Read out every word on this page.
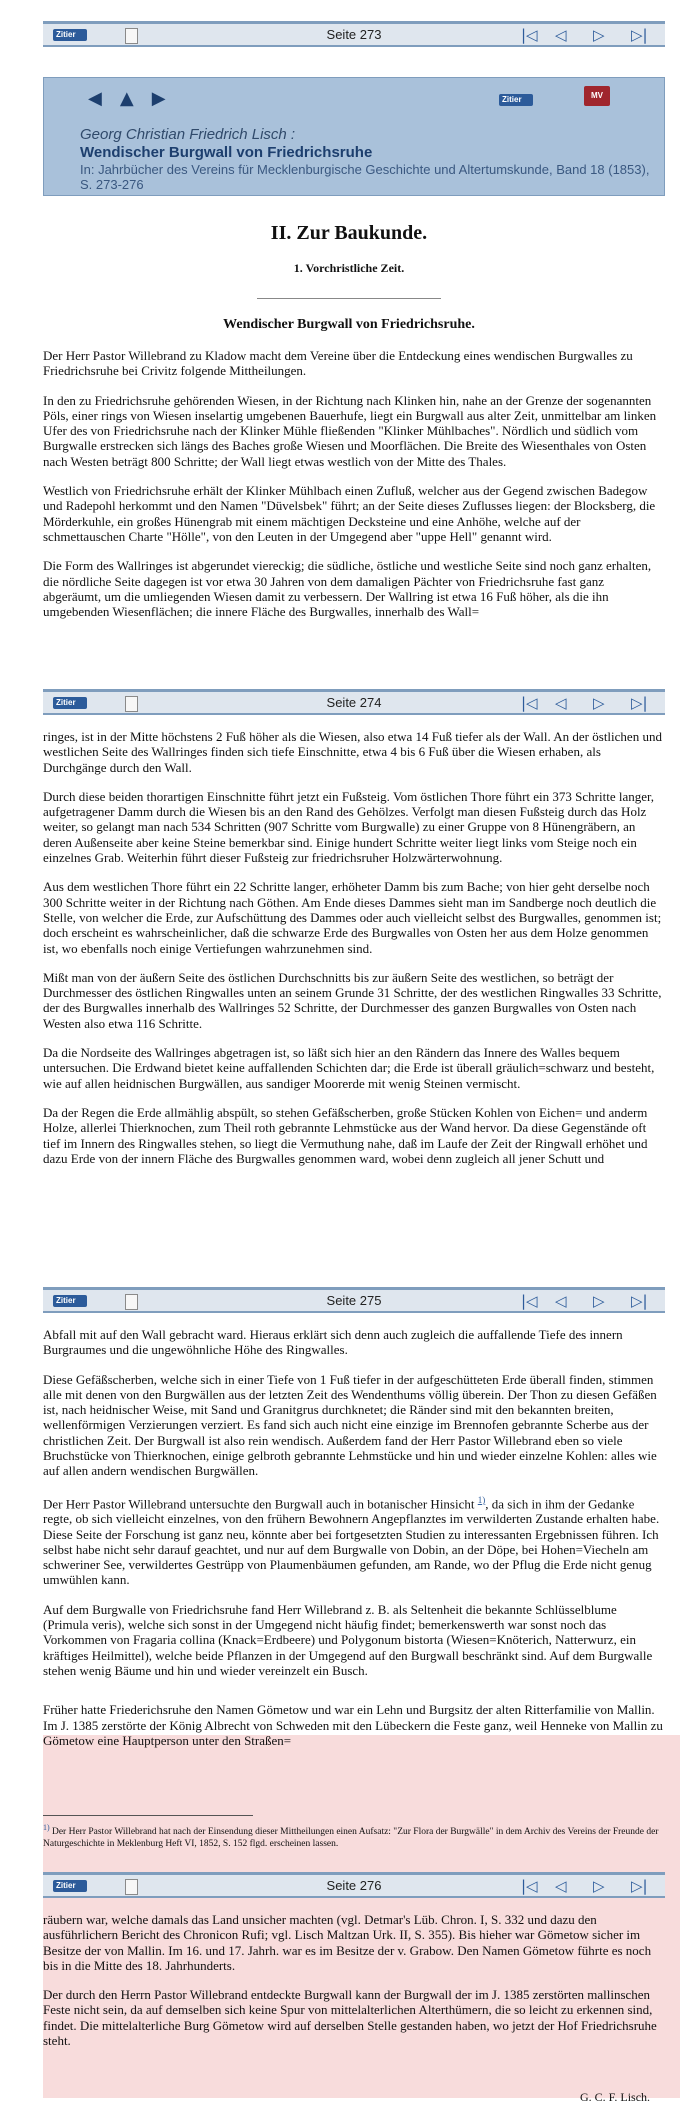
Zitier	Seite 273	|◁ ◁ ▷ ▷|
◀ ▲ ▶	Zitier	MV
Georg Christian Friedrich Lisch :
Wendischer Burgwall von Friedrichsruhe
In: Jahrbücher des Vereins für Mecklenburgische Geschichte und Altertumskunde, Band 18 (1853), S. 273-276
II. Zur Baukunde.
1. Vorchristliche Zeit.
Wendischer Burgwall von Friedrichsruhe.

Der Herr Pastor Willebrand zu Kladow macht dem Vereine über die Entdeckung eines wendischen Burgwalles zu Friedrichsruhe bei Crivitz folgende Mittheilungen.

In den zu Friedrichsruhe gehörenden Wiesen, in der Richtung nach Klinken hin, nahe an der Grenze der sogenannten Pöls, einer rings von Wiesen inselartig umgebenen Bauerhufe, liegt ein Burgwall aus alter Zeit, unmittelbar am linken Ufer des von Friedrichsruhe nach der Klinker Mühle fließenden "Klinker Mühlbaches". Nördlich und südlich vom Burgwalle erstrecken sich längs des Baches große Wiesen und Moorflächen. Die Breite des Wiesenthales von Osten nach Westen beträgt 800 Schritte; der Wall liegt etwas westlich von der Mitte des Thales.

Westlich von Friedrichsruhe erhält der Klinker Mühlbach einen Zufluß, welcher aus der Gegend zwischen Badegow und Radepohl herkommt und den Namen "Düvelsbek" führt; an der Seite dieses Zuflusses liegen: der Blocksberg, die Mörderkuhle, ein großes Hünengrab mit einem mächtigen Decksteine und eine Anhöhe, welche auf der schmettauschen Charte "Hölle", von den Leuten in der Umgegend aber "uppe Hell" genannt wird.

Die Form des Wallringes ist abgerundet viereckig; die südliche, östliche und westliche Seite sind noch ganz erhalten, die nördliche Seite dagegen ist vor etwa 30 Jahren von dem damaligen Pächter von Friedrichsruhe fast ganz abgeräumt, um die umliegenden Wiesen damit zu verbessern. Der Wallring ist etwa 16 Fuß höher, als die ihn umgebenden Wiesenflächen; die innere Fläche des Burgwalles, innerhalb des Wall=

Zitier	Seite 274	|◁ ◁ ▷ ▷|

ringes, ist in der Mitte höchstens 2 Fuß höher als die Wiesen, also etwa 14 Fuß tiefer als der Wall. An der östlichen und westlichen Seite des Wallringes finden sich tiefe Einschnitte, etwa 4 bis 6 Fuß über die Wiesen erhaben, als Durchgänge durch den Wall.

Durch diese beiden thorartigen Einschnitte führt jetzt ein Fußsteig. Vom östlichen Thore führt ein 373 Schritte langer, aufgetragener Damm durch die Wiesen bis an den Rand des Gehölzes. Verfolgt man diesen Fußsteig durch das Holz weiter, so gelangt man nach 534 Schritten (907 Schritte vom Burgwalle) zu einer Gruppe von 8 Hünengräbern, an deren Außenseite aber keine Steine bemerkbar sind. Einige hundert Schritte weiter liegt links vom Steige noch ein einzelnes Grab. Weiterhin führt dieser Fußsteig zur friedrichsruher Holzwärterwohnung.

Aus dem westlichen Thore führt ein 22 Schritte langer, erhöheter Damm bis zum Bache; von hier geht derselbe noch 300 Schritte weiter in der Richtung nach Göthen. Am Ende dieses Dammes sieht man im Sandberge noch deutlich die Stelle, von welcher die Erde, zur Aufschüttung des Dammes oder auch vielleicht selbst des Burgwalles, genommen ist; doch erscheint es wahrscheinlicher, daß die schwarze Erde des Burgwalles von Osten her aus dem Holze genommen ist, wo ebenfalls noch einige Vertiefungen wahrzunehmen sind.

Mißt man von der äußern Seite des östlichen Durchschnitts bis zur äußern Seite des westlichen, so beträgt der Durchmesser des östlichen Ringwalles unten an seinem Grunde 31 Schritte, der des westlichen Ringwalles 33 Schritte, der des Burgwalles innerhalb des Wallringes 52 Schritte, der Durchmesser des ganzen Burgwalles von Osten nach Westen also etwa 116 Schritte.

Da die Nordseite des Wallringes abgetragen ist, so läßt sich hier an den Rändern das Innere des Walles bequem untersuchen. Die Erdwand bietet keine auffallenden Schichten dar; die Erde ist überall gräulich=schwarz und besteht, wie auf allen heidnischen Burgwällen, aus sandiger Moorerde mit wenig Steinen vermischt.

Da der Regen die Erde allmählig abspült, so stehen Gefäßscherben, große Stücken Kohlen von Eichen= und anderm Holze, allerlei Thierknochen, zum Theil roth gebrannte Lehmstücke aus der Wand hervor. Da diese Gegenstände oft tief im Innern des Ringwalles stehen, so liegt die Vermuthung nahe, daß im Laufe der Zeit der Ringwall erhöhet und dazu Erde von der innern Fläche des Burgwalles genommen ward, wobei denn zugleich all jener Schutt und

Zitier	Seite 275	|◁ ◁ ▷ ▷|

Abfall mit auf den Wall gebracht ward. Hieraus erklärt sich denn auch zugleich die auffallende Tiefe des innern Burgraumes und die ungewöhnliche Höhe des Ringwalles.

Diese Gefäßscherben, welche sich in einer Tiefe von 1 Fuß tiefer in der aufgeschütteten Erde überall finden, stimmen alle mit denen von den Burgwällen aus der letzten Zeit des Wendenthums völlig überein. Der Thon zu diesen Gefäßen ist, nach heidnischer Weise, mit Sand und Granitgrus durchknetet; die Ränder sind mit den bekannten breiten, wellenförmigen Verzierungen verziert. Es fand sich auch nicht eine einzige im Brennofen gebrannte Scherbe aus der christlichen Zeit. Der Burgwall ist also rein wendisch. Außerdem fand der Herr Pastor Willebrand eben so viele Bruchstücke von Thierknochen, einige gelbroth gebrannte Lehmstücke und hin und wieder einzelne Kohlen: alles wie auf allen andern wendischen Burgwällen.

Der Herr Pastor Willebrand untersuchte den Burgwall auch in botanischer Hinsicht $^{1)}$, da sich in ihm der Gedanke regte, ob sich vielleicht einzelnes, von den frühern Bewohnern Angepflanztes im verwilderten Zustande erhalten habe. Diese Seite der Forschung ist ganz neu, könnte aber bei fortgesetzten Studien zu interessanten Ergebnissen führen. Ich selbst habe nicht sehr darauf geachtet, und nur auf dem Burgwalle von Dobin, an der Döpe, bei Hohen=Viecheln am schweriner See, verwildertes Gestrüpp von Plaumenbäumen gefunden, am Rande, wo der Pflug die Erde nicht genug umwühlen kann.

Auf dem Burgwalle von Friedrichsruhe fand Herr Willebrand z. B. als Seltenheit die bekannte Schlüsselblume (Primula veris), welche sich sonst in der Umgegend nicht häufig findet; bemerkenswerth war sonst noch das Vorkommen von Fragaria collina (Knack=Erdbeere) und Polygonum bistorta (Wiesen=Knöterich, Natterwurz, ein kräftiges Heilmittel), welche beide Pflanzen in der Umgegend auf den Burgwall beschränkt sind. Auf dem Burgwalle stehen wenig Bäume und hin und wieder vereinzelt ein Busch.

Früher hatte Friederichsruhe den Namen Gömetow und war ein Lehn und Burgsitz der alten Ritterfamilie von Mallin. Im J. 1385 zerstörte der König Albrecht von Schweden mit den Lübeckern die Feste ganz, weil Henneke von Mallin zu Gömetow eine Hauptperson unter den Straßen=

$^{1)}$ Der Herr Pastor Willebrand hat nach der Einsendung dieser Mittheilungen einen Aufsatz: "Zur Flora der Burgwälle" in dem Archiv des Vereins der Freunde der Naturgeschichte in Meklenburg Heft VI, 1852, S. 152 flgd. erscheinen lassen.
Zitier	Seite 276	|◁ ◁ ▷ ▷|

räubern war, welche damals das Land unsicher machten (vgl. Detmar's Lüb. Chron. I, S. 332 und dazu den ausführlichern Bericht des Chronicon Rufi; vgl. Lisch Maltzan Urk. II, S. 355). Bis hieher war Gömetow sicher im Besitze der von Mallin. Im 16. und 17. Jahrh. war es im Besitze der v. Grabow. Den Namen Gömetow führte es noch bis in die Mitte des 18. Jahrhunderts.

Der durch den Herrn Pastor Willebrand entdeckte Burgwall kann der Burgwall der im J. 1385 zerstörten mallinschen Feste nicht sein, da auf demselben sich keine Spur von mittelalterlichen Alterthümern, die so leicht zu erkennen sind, findet. Die mittelalterliche Burg Gömetow wird auf derselben Stelle gestanden haben, wo jetzt der Hof Friedrichsruhe steht.

G. C. F. Lisch.
